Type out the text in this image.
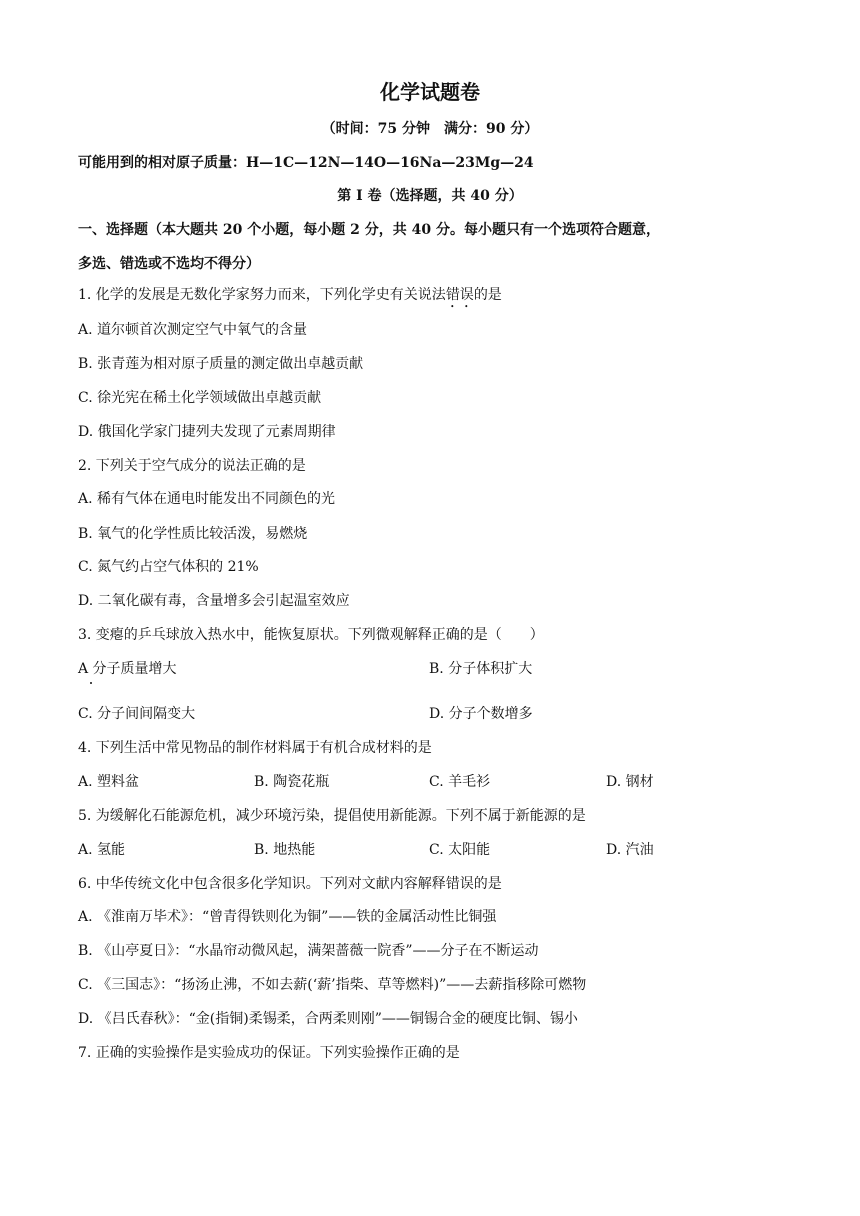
化学试题卷
（时间：75 分钟　满分：90 分）
可能用到的相对原子质量：H—1C—12N—14O—16Na—23Mg—24
第 I 卷（选择题，共 40 分）
一、选择题（本大题共 20 个小题，每小题 2 分，共 40 分。每小题只有一个选项符合题意，
多选、错选或不选均不得分）
1. 化学的发展是无数化学家努力而来，下列化学史有关说法错误的是
A. 道尔顿首次测定空气中氧气的含量
B. 张青莲为相对原子质量的测定做出卓越贡献
C. 徐光宪在稀土化学领域做出卓越贡献
D. 俄国化学家门捷列夫发现了元素周期律
2. 下列关于空气成分的说法正确的是
A. 稀有气体在通电时能发出不同颜色的光
B. 氧气的化学性质比较活泼，易燃烧
C. 氮气约占空气体积的 21%
D. 二氧化碳有毒，含量增多会引起温室效应
3. 变瘪的乒乓球放入热水中，能恢复原状。下列微观解释正确的是（　　）
A 分子质量增大	B. 分子体积扩大
C. 分子间间隔变大	D. 分子个数增多
4. 下列生活中常见物品的制作材料属于有机合成材料的是
A. 塑料盆	B. 陶瓷花瓶	C. 羊毛衫	D. 钢材
5. 为缓解化石能源危机，减少环境污染，提倡使用新能源。下列不属于新能源的是
A. 氢能	B. 地热能	C. 太阳能	D. 汽油
6. 中华传统文化中包含很多化学知识。下列对文献内容解释错误的是
A. 《淮南万毕术》：“曾青得铁则化为铜”——铁的金属活动性比铜强
B. 《山亭夏日》：“水晶帘动微风起，满架蔷薇一院香”——分子在不断运动
C. 《三国志》：“扬汤止沸，不如去薪(‘薪’指柴、草等燃料)”——去薪指移除可燃物
D. 《吕氏春秋》：“金(指铜)柔锡柔，合两柔则刚”——铜锡合金的硬度比铜、锡小
7. 正确的实验操作是实验成功的保证。下列实验操作正确的是
